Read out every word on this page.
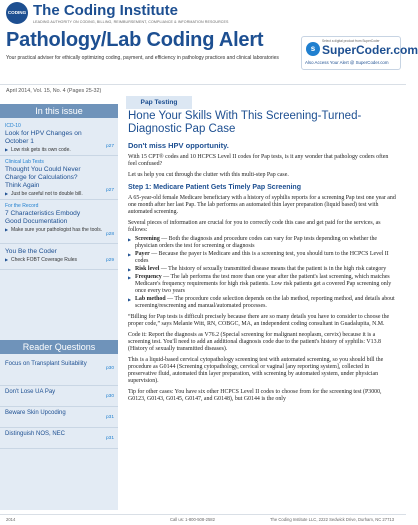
CODING The Coding Institute
LEADING AUTHORITY ON CODING, BILLING, REIMBURSEMENT, COMPLIANCE & INFORMATION RESOURCES
Pathology/Lab Coding Alert
Your practical adviser for ethically optimizing coding, payment, and efficiency in pathology practices and clinical laboratories
Select a digital product from SuperCoder
s SuperCoder.com
Also Access Your Alert @ SuperCoder.com
April 2014, Vol. 15, No. 4 (Pages 25-32)
Pap Testing
In this issue
ICD-10
Look for HPV Changes on October 1
▶ Low risk gets its own code.
p27
Clinical Lab Tests
Thought You Could Never Charge for Calculations? Think Again
▶ Just be careful not to double bill.
p27
For the Record
7 Characteristics Embody Good Documentation
▶ Make sure your pathologist has the tools.
p28
You Be the Coder
▶ Check FOBT Coverage Rules	p29
Reader Questions
Focus on Transplant Suitability
p30
Don't Lose UA Pay
p30
Beware Skin Upcoding
p31
Distinguish NOS, NEC
p31
Hone Your Skills With This Screening-Turned-Diagnostic Pap Case
Don't miss HPV opportunity.
With 15 CPT® codes and 10 HCPCS Level II codes for Pap tests, is it any wonder that pathology coders often feel confused?
Let us help you cut through the clutter with this multi-step Pap case.
Step 1: Medicare Patient Gets Timely Pap Screening
A 65-year-old female Medicare beneficiary with a history of syphilis reports for a screening Pap test one year and one month after her last Pap. The lab performs an automated thin layer preparation (liquid based) test with automated screening.
Several pieces of information are crucial for you to correctly code this case and get paid for the services, as follows:
▶ Screening — Both the diagnosis and procedure codes can vary for Pap tests depending on whether the physician orders the test for screening or diagnosis
▶ Payer — Because the payer is Medicare and this is a screening test, you should turn to the HCPCS Level II codes
▶ Risk level — The history of sexually transmitted disease means that the patient is in the high risk category
▶ Frequency — The lab performs the test more than one year after the patient's last screening, which matches Medicare's frequency requirements for high risk patients. Low risk patients get a covered Pap screening only once every two years
▶ Lab method — The procedure code selection depends on the lab method, reporting method, and details about screening/rescreening and manual/automated processes.
“Billing for Pap tests is difficult precisely because there are so many details you have to consider to choose the proper code,” says Melanie Witt, RN, COBGC, MA, an independent coding consultant in Guadalupita, N.M.
Code it: Report the diagnosis as V76.2 (Special screening for malignant neoplasm, cervix) because it is a screening test. You'll need to add an additional diagnosis code due to the patient's history of syphilis: V13.8 (History of sexually transmitted diseases).
This is a liquid-based cervical cytopathology screening test with automated screening, so you should bill the procedure as G0144 (Screening cytopathology, cervical or vaginal [any reporting system], collected in preservative fluid, automated thin layer preparation, with screening by automated system, under physician supervision).
Tip for other cases: You have six other HCPCS Level II codes to choose from for the screening test (P3000, G0123, G0143, G0145, G0147, and G0148), but G0144 is the only
2014	Call us: 1-800-508-2582	The Coding Institute LLC, 2222 Sedwick Drive, Durham, NC 27713
